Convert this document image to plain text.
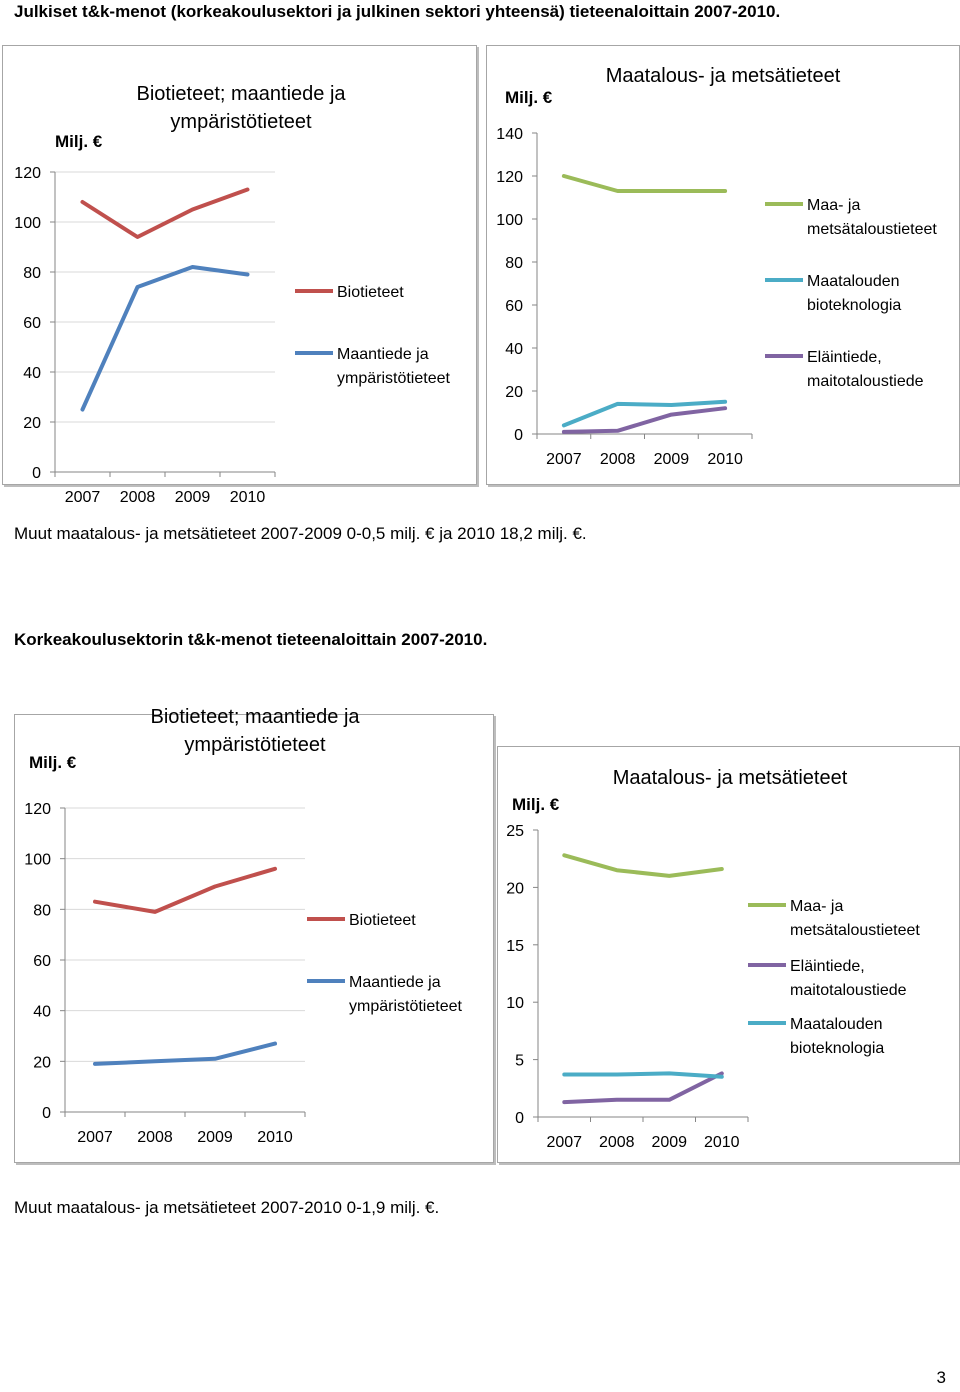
Julkiset t&k-menot (korkeakoulusektori ja julkinen sektori yhteensä) tieteenaloittain 2007-2010.
0
20
40
60
80
100
120
2007 2008 2009 2010
Milj. €
Biotieteet; maantiede ja
ympäristötieteet
Biotieteet
Maantiede ja
ympäristötieteet
0
20
40
60
80
100
120
140
2007 2008 2009 2010
Milj. €
Maatalous- ja metsätieteet
Maa- ja
metsätaloustieteet
Maatalouden
bioteknologia
Eläintiede,
maitotaloustiede
Muut maatalous- ja metsätieteet 2007-2009 0-0,5 milj. € ja 2010 18,2 milj. €.
Korkeakoulusektorin t&k-menot tieteenaloittain 2007-2010.
0
20
40
60
80
100
120
2007 2008 2009 2010
Milj. €
Biotieteet; maantiede ja
ympäristötieteet
Biotieteet
Maantiede ja
ympäristötieteet
0
5
10
15
20
25
2007 2008 2009 2010
Milj. €
Maatalous- ja metsätieteet
Maa- ja
metsätaloustieteet
Eläintiede,
maitotaloustiede
Maatalouden
bioteknologia
Muut maatalous- ja metsätieteet 2007-2010 0-1,9 milj. €.
3
